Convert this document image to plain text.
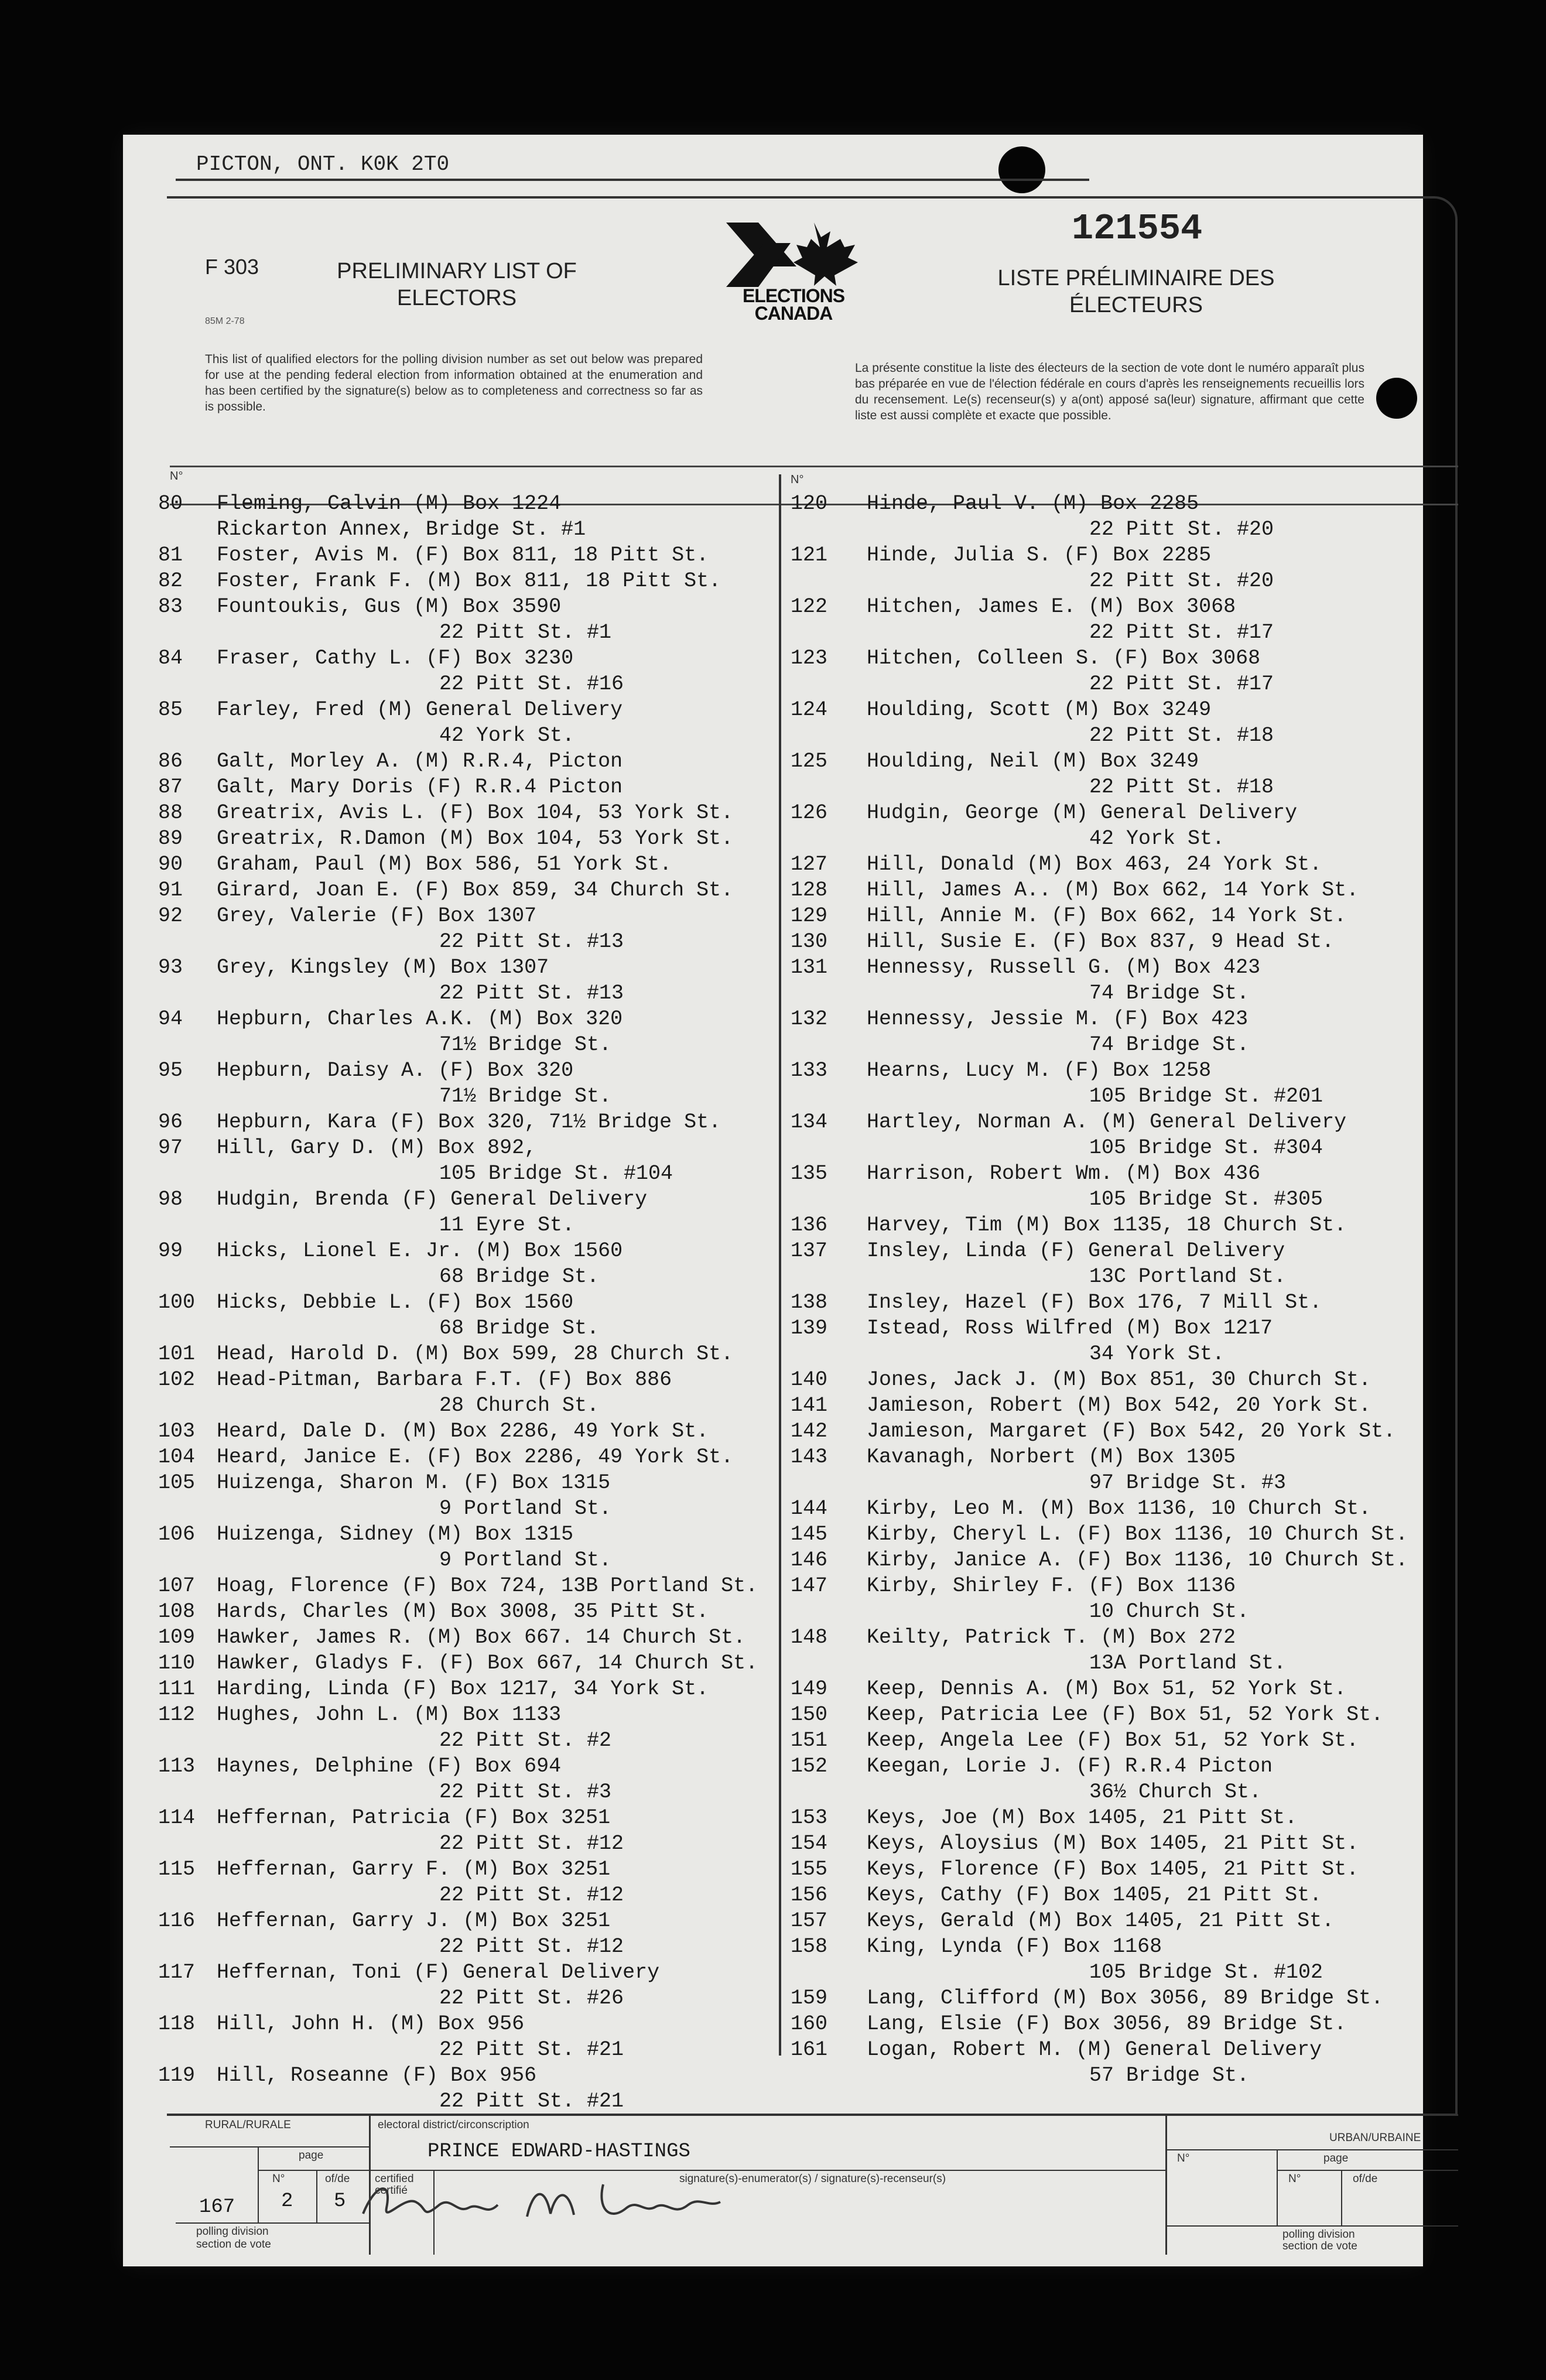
PICTON, ONT. K0K 2T0
121554
F 303
85M 2-78
PRELIMINARY LIST OF ELECTORS
LISTE PRÉLIMINAIRE DES ÉLECTEURS
ELECTIONS
CANADA
This list of qualified electors for the polling division number as set out below was prepared for use at the pending federal election from information obtained at the enumeration and has been certified by the signature(s) below as to completeness and correctness so far as is possible.
La présente constitue la liste des électeurs de la section de vote dont le numéro apparaît plus bas préparée en vue de l'élection fédérale en cours d'après les renseignements recueillis lors du recensement. Le(s) recenseur(s) y a(ont) apposé sa(leur) signature, affirmant que cette liste est aussi complète et exacte que possible.
N°	N°
80 Fleming, Calvin (M) Box 1224
Rickarton Annex, Bridge St. #1
81 Foster, Avis M. (F) Box 811, 18 Pitt St.
82 Foster, Frank F. (M) Box 811, 18 Pitt St.
83 Fountoukis, Gus (M) Box 3590
22 Pitt St. #1
84 Fraser, Cathy L. (F) Box 3230
22 Pitt St. #16
85 Farley, Fred (M) General Delivery
42 York St.
86 Galt, Morley A. (M) R.R.4, Picton
87 Galt, Mary Doris (F) R.R.4 Picton
88 Greatrix, Avis L. (F) Box 104, 53 York St.
89 Greatrix, R.Damon (M) Box 104, 53 York St.
90 Graham, Paul (M) Box 586, 51 York St.
91 Girard, Joan E. (F) Box 859, 34 Church St.
92 Grey, Valerie (F) Box 1307
22 Pitt St. #13
93 Grey, Kingsley (M) Box 1307
22 Pitt St. #13
94 Hepburn, Charles A.K. (M) Box 320
71½ Bridge St.
95 Hepburn, Daisy A. (F) Box 320
71½ Bridge St.
96 Hepburn, Kara (F) Box 320, 71½ Bridge St.
97 Hill, Gary D. (M) Box 892,
105 Bridge St. #104
98 Hudgin, Brenda (F) General Delivery
11 Eyre St.
99 Hicks, Lionel E. Jr. (M) Box 1560
68 Bridge St.
100 Hicks, Debbie L. (F) Box 1560
68 Bridge St.
101 Head, Harold D. (M) Box 599, 28 Church St.
102 Head-Pitman, Barbara F.T. (F) Box 886
28 Church St.
103 Heard, Dale D. (M) Box 2286, 49 York St.
104 Heard, Janice E. (F) Box 2286, 49 York St.
105 Huizenga, Sharon M. (F) Box 1315
9 Portland St.
106 Huizenga, Sidney (M) Box 1315
9 Portland St.
107 Hoag, Florence (F) Box 724, 13B Portland St.
108 Hards, Charles (M) Box 3008, 35 Pitt St.
109 Hawker, James R. (M) Box 667. 14 Church St.
110 Hawker, Gladys F. (F) Box 667, 14 Church St.
111 Harding, Linda (F) Box 1217, 34 York St.
112 Hughes, John L. (M) Box 1133
22 Pitt St. #2
113 Haynes, Delphine (F) Box 694
22 Pitt St. #3
114 Heffernan, Patricia (F) Box 3251
22 Pitt St. #12
115 Heffernan, Garry F. (M) Box 3251
22 Pitt St. #12
116 Heffernan, Garry J. (M) Box 3251
22 Pitt St. #12
117 Heffernan, Toni (F) General Delivery
22 Pitt St. #26
118 Hill, John H. (M) Box 956
22 Pitt St. #21
119 Hill, Roseanne (F) Box 956
22 Pitt St. #21
120 Hinde, Paul V. (M) Box 2285
22 Pitt St. #20
121 Hinde, Julia S. (F) Box 2285
22 Pitt St. #20
122 Hitchen, James E. (M) Box 3068
22 Pitt St. #17
123 Hitchen, Colleen S. (F) Box 3068
22 Pitt St. #17
124 Houlding, Scott (M) Box 3249
22 Pitt St. #18
125 Houlding, Neil (M) Box 3249
22 Pitt St. #18
126 Hudgin, George (M) General Delivery
42 York St.
127 Hill, Donald (M) Box 463, 24 York St.
128 Hill, James A.. (M) Box 662, 14 York St.
129 Hill, Annie M. (F) Box 662, 14 York St.
130 Hill, Susie E. (F) Box 837, 9 Head St.
131 Hennessy, Russell G. (M) Box 423
74 Bridge St.
132 Hennessy, Jessie M. (F) Box 423
74 Bridge St.
133 Hearns, Lucy M. (F) Box 1258
105 Bridge St. #201
134 Hartley, Norman A. (M) General Delivery
105 Bridge St. #304
135 Harrison, Robert Wm. (M) Box 436
105 Bridge St. #305
136 Harvey, Tim (M) Box 1135, 18 Church St.
137 Insley, Linda (F) General Delivery
13C Portland St.
138 Insley, Hazel (F) Box 176, 7 Mill St.
139 Istead, Ross Wilfred (M) Box 1217
34 York St.
140 Jones, Jack J. (M) Box 851, 30 Church St.
141 Jamieson, Robert (M) Box 542, 20 York St.
142 Jamieson, Margaret (F) Box 542, 20 York St.
143 Kavanagh, Norbert (M) Box 1305
97 Bridge St. #3
144 Kirby, Leo M. (M) Box 1136, 10 Church St.
145 Kirby, Cheryl L. (F) Box 1136, 10 Church St.
146 Kirby, Janice A. (F) Box 1136, 10 Church St.
147 Kirby, Shirley F. (F) Box 1136
10 Church St.
148 Keilty, Patrick T. (M) Box 272
13A Portland St.
149 Keep, Dennis A. (M) Box 51, 52 York St.
150 Keep, Patricia Lee (F) Box 51, 52 York St.
151 Keep, Angela Lee (F) Box 51, 52 York St.
152 Keegan, Lorie J. (F) R.R.4 Picton
36½ Church St.
153 Keys, Joe (M) Box 1405, 21 Pitt St.
154 Keys, Aloysius (M) Box 1405, 21 Pitt St.
155 Keys, Florence (F) Box 1405, 21 Pitt St.
156 Keys, Cathy (F) Box 1405, 21 Pitt St.
157 Keys, Gerald (M) Box 1405, 21 Pitt St.
158 King, Lynda (F) Box 1168
105 Bridge St. #102
159 Lang, Clifford (M) Box 3056, 89 Bridge St.
160 Lang, Elsie (F) Box 3056, 89 Bridge St.
161 Logan, Robert M. (M) General Delivery
57 Bridge St.
RURAL/RURALE	electoral district/circonscription
PRINCE EDWARD-HASTINGS
URBAN/URBAINE
page
N°	of/de
167 2 5
polling division
section de vote
certified
certifié
signature(s)-enumerator(s) / signature(s)-recenseur(s)
N°	page
N°	of/de
polling division
section de vote
